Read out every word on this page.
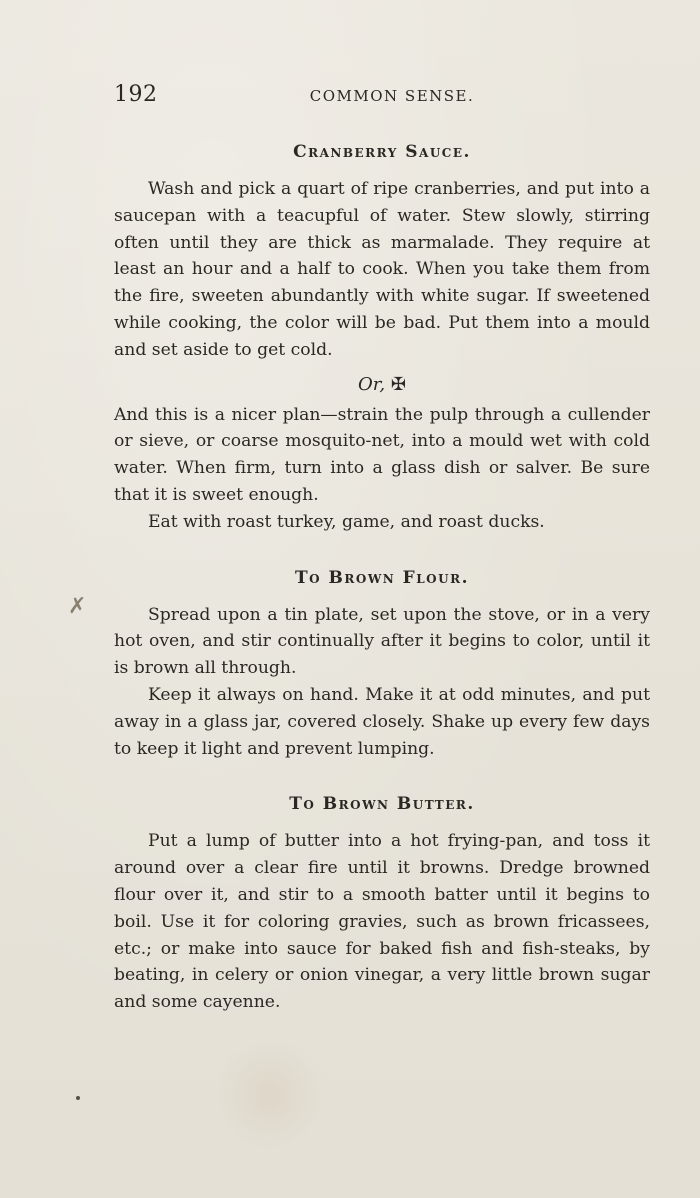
192	COMMON SENSE.
✗
Cranberry Sauce.

Wash and pick a quart of ripe cranberries, and put into a saucepan with a teacupful of water. Stew slowly, stirring often until they are thick as marmalade. They require at least an hour and a half to cook. When you take them from the fire, sweeten abundantly with white sugar. If sweetened while cooking, the color will be bad. Put them into a mould and set aside to get cold.

Or, ✠

And this is a nicer plan—strain the pulp through a cullender or sieve, or coarse mosquito-net, into a mould wet with cold water. When firm, turn into a glass dish or salver. Be sure that it is sweet enough.

Eat with roast turkey, game, and roast ducks.

To Brown Flour.

Spread upon a tin plate, set upon the stove, or in a very hot oven, and stir continually after it begins to color, until it is brown all through.

Keep it always on hand. Make it at odd minutes, and put away in a glass jar, covered closely. Shake up every few days to keep it light and prevent lumping.

To Brown Butter.

Put a lump of butter into a hot frying-pan, and toss it around over a clear fire until it browns. Dredge browned flour over it, and stir to a smooth batter until it begins to boil. Use it for coloring gravies, such as brown fricassees, etc.; or make into sauce for baked fish and fish-steaks, by beating, in celery or onion vinegar, a very little brown sugar and some cayenne.
